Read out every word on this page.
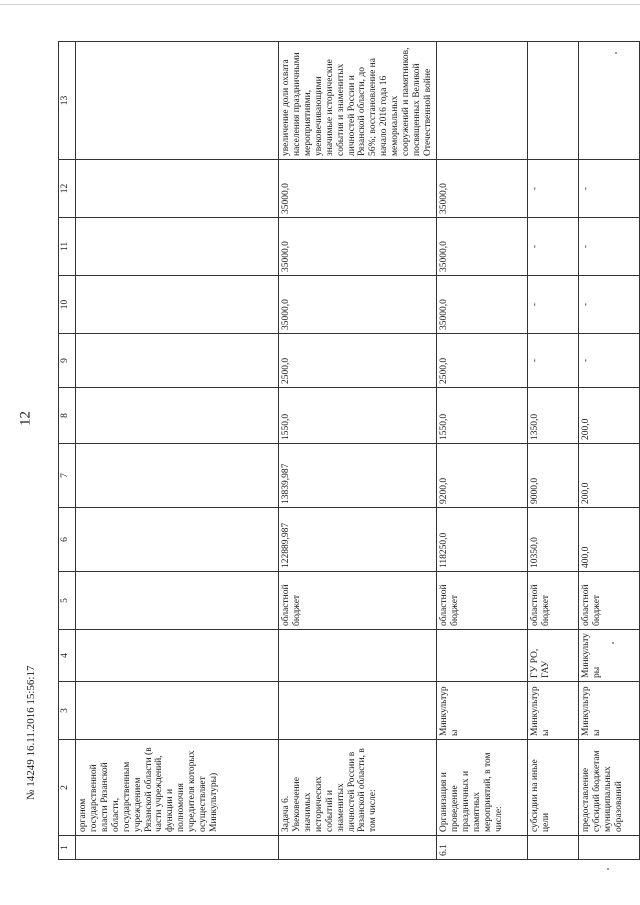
12
1	2	3	4	5	6	7	8	9	10	11	12	13
	органом государственной власти Рязанской области, государственным учреждением Рязанской области (в части учреждений, функции и полномочия учредителя которых осуществляет Минкультуры)											
	Задача 6. Увековечение значимых исторических событий и знаменитых личностей России в Рязанской области, в том числе:			областной бюджет	122889,987	13839,987	1550,0	2500,0	35000,0	35000,0	35000,0	увеличение доли охвата населения праздничными мероприятиями, увековечивающими значимые исторические события и знаменитых личностей России и Рязанской области, до 56%; восстановление на начало 2016 года 16 мемориальных сооружений и памятников, посвященных Великой Отечественной войне
6.1	Организация и проведение праздничных и памятных мероприятий, в том числе:	Минкультуры		областной бюджет	118250,0	9200,0	1550,0	2500,0	35000,0	35000,0	35000,0	
	субсидии на иные цели	Минкультуры	ГУ РО, ГАУ	областной бюджет	10350,0	9000,0	1350,0	-	-	-	-	
	предоставление субсидий бюджетам муниципальных образований	Минкультуры	Минкультуры	областной бюджет	400,0	200,0	200,0	-	-	-	-	
№ 14249 16.11.2016 15:56:17
